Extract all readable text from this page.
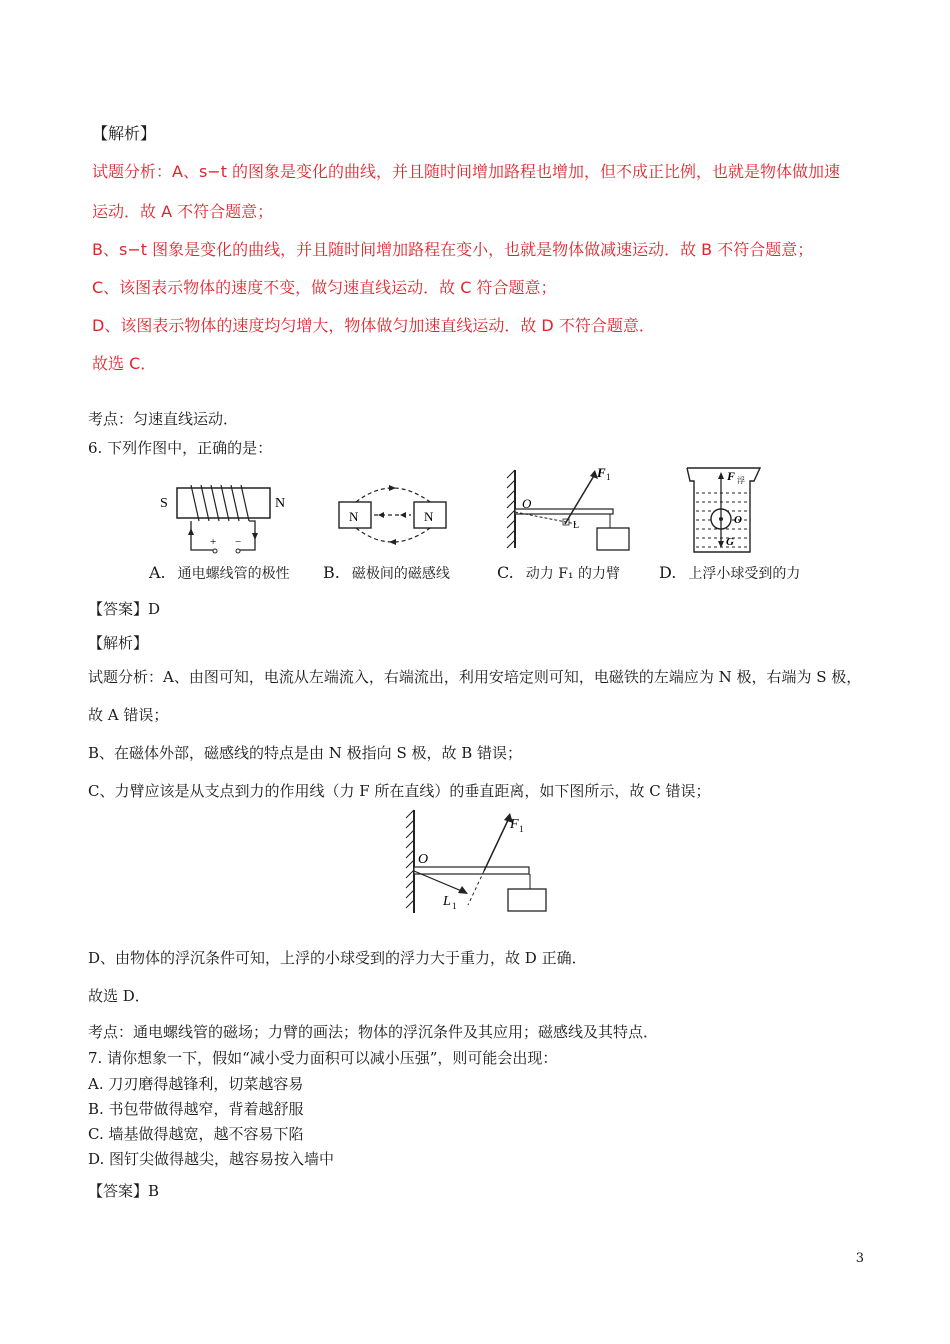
【解析】
试题分析：A、s−t 的图象是变化的曲线，并且随时间增加路程也增加，但不成正比例，也就是物体做加速
运动．故 A 不符合题意；
B、s−t 图象是变化的曲线，并且随时间增加路程在变小，也就是物体做减速运动．故 B 不符合题意；
C、该图表示物体的速度不变，做匀速直线运动．故 C 符合题意；
D、该图表示物体的速度均匀增大，物体做匀加速直线运动．故 D 不符合题意．
故选 C．
考点：匀速直线运动．
6. 下列作图中，正确的是：
S	N
+ −
N	N
O
F 1
L
F 浮
O
G
A. 通电螺线管的极性 B. 磁极间的磁感线	C. 动力 F₁ 的力臂 D. 上浮小球受到的力
【答案】D
【解析】
试题分析：A、由图可知，电流从左端流入，右端流出，利用安培定则可知，电磁铁的左端应为 N 极，右端为 S 极，
故 A 错误；
B、在磁体外部，磁感线的特点是由 N 极指向 S 极，故 B 错误；
C、力臂应该是从支点到力的作用线（力 F 所在直线）的垂直距离，如下图所示，故 C 错误；
O
F 1
L 1
D、由物体的浮沉条件可知，上浮的小球受到的浮力大于重力，故 D 正确．
故选 D．
考点：通电螺线管的磁场；力臂的画法；物体的浮沉条件及其应用；磁感线及其特点．
7. 请你想象一下，假如“减小受力面积可以减小压强”，则可能会出现：
A. 刀刃磨得越锋利，切菜越容易
B. 书包带做得越窄，背着越舒服
C. 墙基做得越宽，越不容易下陷
D. 图钉尖做得越尖，越容易按入墙中
【答案】B
3
